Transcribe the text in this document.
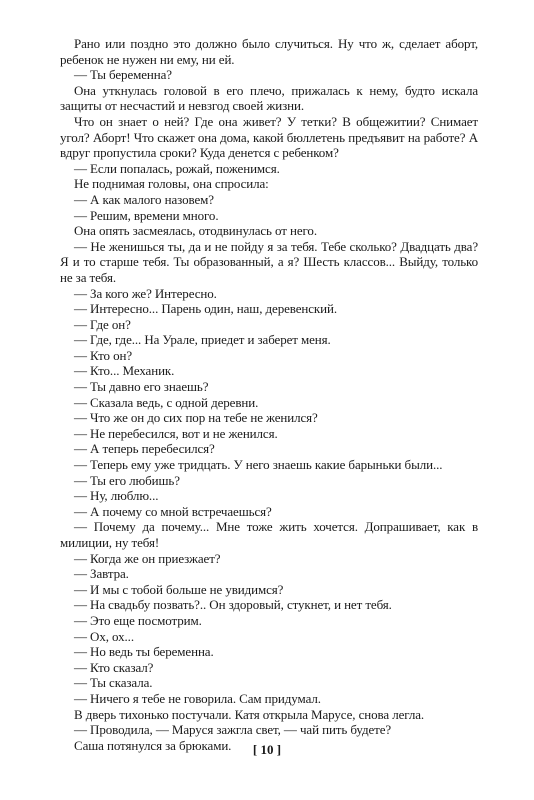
Рано или поздно это должно было случиться. Ну что ж, сделает аборт, ребенок не нужен ни ему, ни ей.

— Ты беременна?

Она уткнулась головой в его плечо, прижалась к нему, будто искала защиты от несчастий и невзгод своей жизни.

Что он знает о ней? Где она живет? У тетки? В общежитии? Снимает угол? Аборт! Что скажет она дома, какой бюллетень предъявит на работе? А вдруг пропустила сроки? Куда денется с ребенком?

— Если попалась, рожай, поженимся.

Не поднимая головы, она спросила:

— А как малого назовем?

— Решим, времени много.

Она опять засмеялась, отодвинулась от него.

— Не женишься ты, да и не пойду я за тебя. Тебе сколько? Двадцать два? Я и то старше тебя. Ты образованный, а я? Шесть классов... Выйду, только не за тебя.

— За кого же? Интересно.

— Интересно... Парень один, наш, деревенский.

— Где он?

— Где, где... На Урале, приедет и заберет меня.

— Кто он?

— Кто... Механик.

— Ты давно его знаешь?

— Сказала ведь, с одной деревни.

— Что же он до сих пор на тебе не женился?

— Не перебесился, вот и не женился.

— А теперь перебесился?

— Теперь ему уже тридцать. У него знаешь какие барыньки были...

— Ты его любишь?

— Ну, люблю...

— А почему со мной встречаешься?

— Почему да почему... Мне тоже жить хочется. Допрашивает, как в милиции, ну тебя!

— Когда же он приезжает?

— Завтра.

— И мы с тобой больше не увидимся?

— На свадьбу позвать?.. Он здоровый, стукнет, и нет тебя.

— Это еще посмотрим.

— Ох, ох...

— Но ведь ты беременна.

— Кто сказал?

— Ты сказала.

— Ничего я тебе не говорила. Сам придумал.

В дверь тихонько постучали. Катя открыла Марусе, снова легла.

— Проводила, — Маруся зажгла свет, — чай пить будете?

Саша потянулся за брюками.	[ 10 ]
